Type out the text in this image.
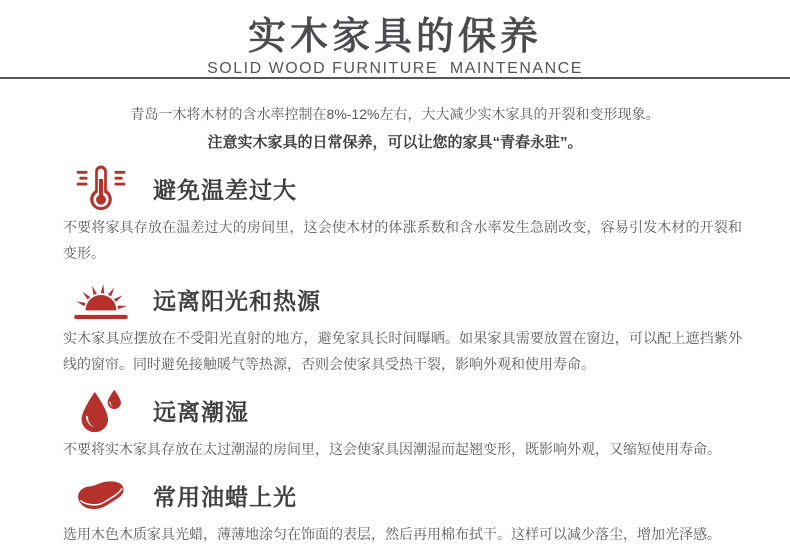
实木家具的保养
SOLID WOOD FURNITURE  MAINTENANCE
青岛一木将木材的含水率控制在8%-12%左右，大大减少实木家具的开裂和变形现象。
注意实木家具的日常保养，可以让您的家具“青春永驻”。
避免温差过大
不要将家具存放在温差过大的房间里，这会使木材的体涨系数和含水率发生急剧改变，容易引发木材的开裂和变形。
远离阳光和热源
实木家具应摆放在不受阳光直射的地方，避免家具长时间曝晒。如果家具需要放置在窗边，可以配上遮挡紫外线的窗帘。同时避免接触暖气等热源，否则会使家具受热干裂，影响外观和使用寿命。
远离潮湿
不要将实木家具存放在太过潮湿的房间里，这会使家具因潮湿而起翘变形，既影响外观，又缩短使用寿命。
常用油蜡上光
选用木色木质家具光蜡，薄薄地涂匀在饰面的表层，然后再用棉布拭干。这样可以减少落尘，增加光泽感。
